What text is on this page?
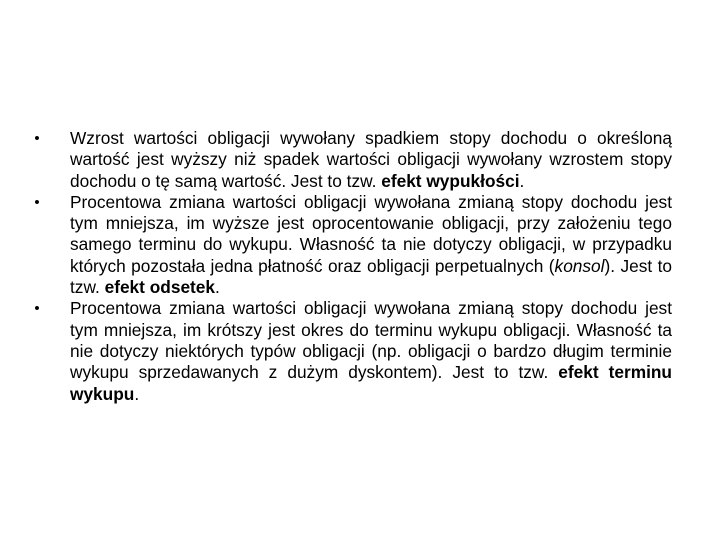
• Wzrost wartości obligacji wywołany spadkiem stopy dochodu o określoną wartość jest wyższy niż spadek wartości obligacji wywołany wzrostem stopy dochodu o tę samą wartość. Jest to tzw. efekt wypukłości.
• Procentowa zmiana wartości obligacji wywołana zmianą stopy dochodu jest tym mniejsza, im wyższe jest oprocentowanie obligacji, przy założeniu tego samego terminu do wykupu. Własność ta nie dotyczy obligacji, w przypadku których pozostała jedna płatność oraz obligacji perpetualnych (konsol). Jest to tzw. efekt odsetek.
• Procentowa zmiana wartości obligacji wywołana zmianą stopy dochodu jest tym mniejsza, im krótszy jest okres do terminu wykupu obligacji. Własność ta nie dotyczy niektórych typów obligacji (np. obligacji o bardzo długim terminie wykupu sprzedawanych z dużym dyskontem). Jest to tzw. efekt terminu wykupu.
